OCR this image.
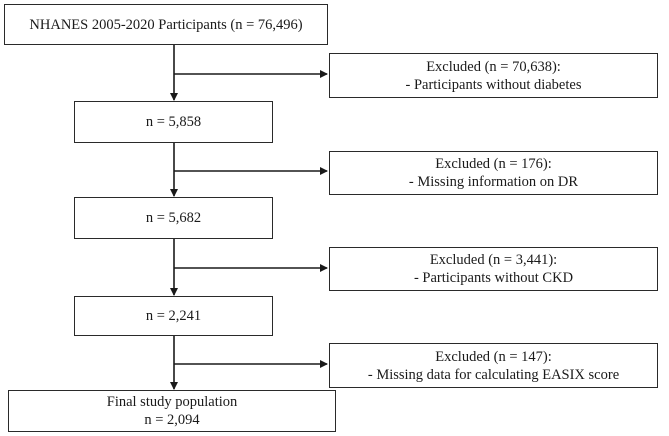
NHANES 2005-2020 Participants (n = 76,496)
n = 5,858
n = 5,682
n = 2,241
Final study population
n = 2,094
Excluded (n = 70,638):
- Participants without diabetes
Excluded (n = 176):
- Missing information on DR
Excluded (n = 3,441):
- Participants without CKD
Excluded (n = 147):
- Missing data for calculating EASIX score
